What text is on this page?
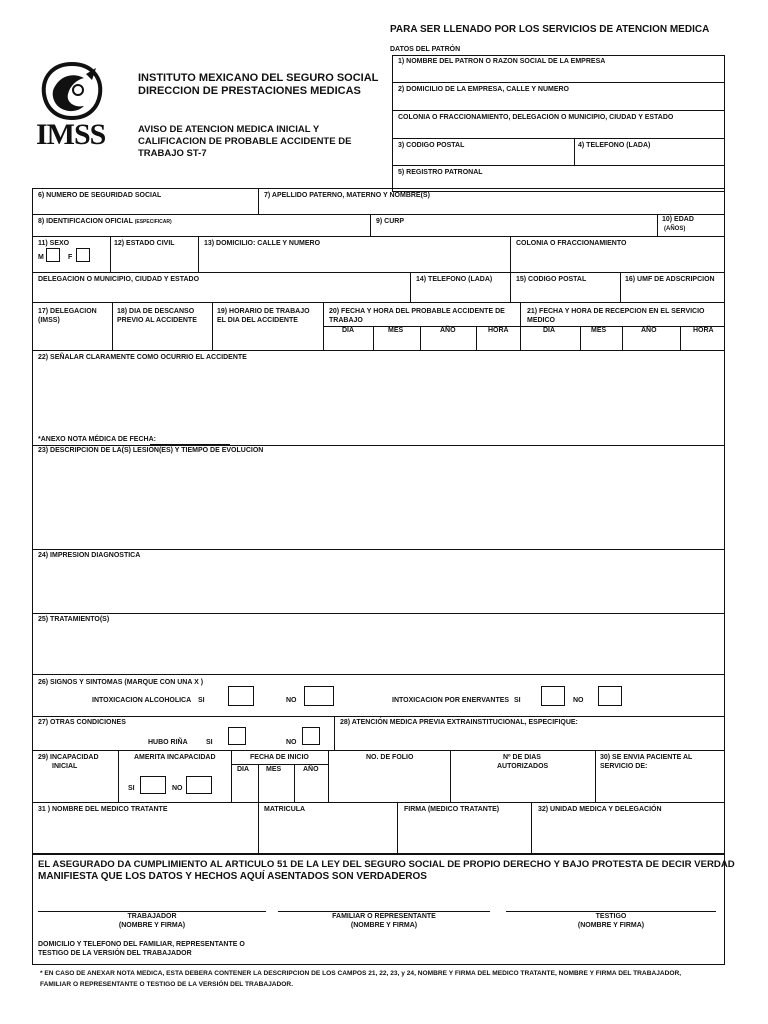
PARA SER LLENADO POR LOS SERVICIOS DE ATENCION MEDICA
DATOS DEL PATRÓN
IMSS
INSTITUTO MEXICANO DEL SEGURO SOCIAL
DIRECCION DE PRESTACIONES MEDICAS
AVISO DE ATENCION MEDICA INICIAL Y
CALIFICACION DE PROBABLE ACCIDENTE DE
TRABAJO ST-7
1) NOMBRE DEL PATRON O RAZON SOCIAL DE LA EMPRESA
2) DOMICILIO DE LA EMPRESA, CALLE Y NUMERO
COLONIA O FRACCIONAMIENTO, DELEGACION O MUNICIPIO, CIUDAD Y ESTADO
3) CODIGO POSTAL	4) TELEFONO (LADA)
5) REGISTRO PATRONAL
6) NUMERO DE SEGURIDAD SOCIAL	7) APELLIDO PATERNO, MATERNO Y NOMBRE(S)
8) IDENTIFICACION OFICIAL (ESPECIFICAR)	9) CURP	10) EDAD
(AÑOS)
11) SEXO
M	F
12) ESTADO CIVIL	13) DOMICILIO: CALLE Y NUMERO	COLONIA O FRACCIONAMIENTO
DELEGACION O MUNICIPIO, CIUDAD Y ESTADO	14) TELEFONO (LADA)	15) CODIGO POSTAL	16) UMF DE ADSCRIPCION
17) DELEGACION
(IMSS)
18) DIA DE DESCANSO
PREVIO AL ACCIDENTE
19) HORARIO DE TRABAJO
EL DIA DEL ACCIDENTE
20) FECHA Y HORA DEL PROBABLE ACCIDENTE DE
TRABAJO
21) FECHA Y HORA DE RECEPCION EN EL SERVICIO
MEDICO
DIA	MES	AÑO	HORA	DIA	MES	AÑO	HORA
22) SEÑALAR CLARAMENTE COMO OCURRIO EL ACCIDENTE
*ANEXO NOTA MÉDICA DE FECHA:
23) DESCRIPCION DE LA(S) LESION(ES) Y TIEMPO DE EVOLUCION
24) IMPRESION DIAGNOSTICA
25) TRATAMIENTO(S)
26) SIGNOS Y SINTOMAS (MARQUE CON UNA X )
INTOXICACION ALCOHOLICA SI	NO	INTOXICACION POR ENERVANTES SI	NO
27) OTRAS CONDICIONES
HUBO RIÑA	SI	NO
28) ATENCIÓN MEDICA PREVIA EXTRAINSTITUCIONAL, ESPECIFIQUE:
29) INCAPACIDAD
INICIAL
AMERITA INCAPACIDAD
SI	NO
FECHA DE INICIO
DIA MES	AÑO
NO. DE FOLIO	Nº DE DIAS
AUTORIZADOS
30) SE ENVIA PACIENTE AL
SERVICIO DE:
31 ) NOMBRE DEL MEDICO TRATANTE	MATRICULA	FIRMA (MEDICO TRATANTE)	32) UNIDAD MEDICA Y DELEGACIÓN
EL ASEGURADO DA CUMPLIMIENTO AL ARTICULO 51 DE LA LEY DEL SEGURO SOCIAL DE PROPIO DERECHO Y BAJO PROTESTA DE DECIR VERDAD
MANIFIESTA QUE LOS DATOS Y HECHOS AQUÍ ASENTADOS SON VERDADEROS
TRABAJADOR
(NOMBRE Y FIRMA)
FAMILIAR O REPRESENTANTE
(NOMBRE Y FIRMA)
TESTIGO
(NOMBRE Y FIRMA)
DOMICILIO Y TELEFONO DEL FAMILIAR, REPRESENTANTE O
TESTIGO DE LA VERSIÓN DEL TRABAJADOR
* EN CASO DE ANEXAR NOTA MEDICA, ESTA DEBERA CONTENER LA DESCRIPCION DE LOS CAMPOS 21, 22, 23, y 24, NOMBRE Y FIRMA DEL MEDICO TRATANTE, NOMBRE Y FIRMA DEL TRABAJADOR,
FAMILIAR O REPRESENTANTE O TESTIGO DE LA VERSIÓN DEL TRABAJADOR.
